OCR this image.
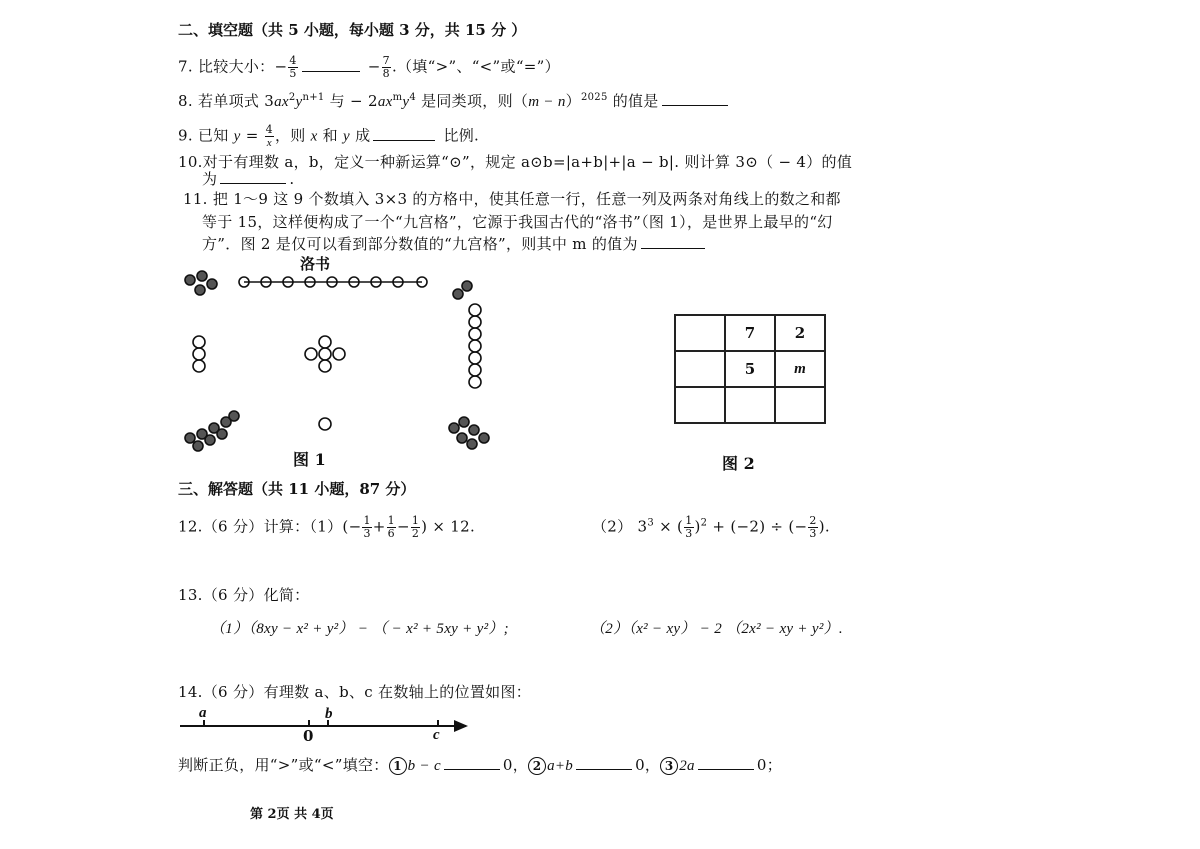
二、填空题（共 5 小题，每小题 3 分，共 15 分 ）
7. 比较大小：− $\frac{4}{5}$	− $\frac{7}{8}$ .（填“>”、“<”或“=”）
8. 若单项式 $3ax^2y^{n+1}$ 与 − $2ax^my^4$ 是同类项，则$(m - n)^{2025}$ 的值是
9. 已知 $y = \frac{4}{x}$ ，则 x 和 y 成	比例.
10.对于有理数 a，b，定义一种新运算“⊙”，规定 a⊙b=|a+b|+|a − b|. 则计算 3⊙（ − 4）的值
为	.
11. 把 1～9 这 9 个数填入 3×3 的方格中，使其任意一行，任意一列及两条对角线上的数之和都
等于 15，这样便构成了一个“九宫格”，它源于我国古代的“洛书”（图 1），是世界上最早的“幻
方”．图 2 是仅可以看到部分数值的“九宫格”，则其中 m 的值为
洛书
图 1
	7	2
	5	m

图 2
三、解答题（共 11 小题，87 分）
12.（6 分）计算：$(1)(- \frac{1}{3} + \frac{1}{6} - \frac{1}{2}$ ) × 12.	（2） $3^3$ × ( $\frac{1}{3} )^2 + (-2)$ ÷ (− $\frac{2}{3}$ ).
13.（6 分）化简：
（1）（8xy − x² + y²） − （ − x² + 5xy + y²）;	（2）（x² − xy） − 2 （2x² − xy + y²）.
14.（6 分）有理数 a、b、c 在数轴上的位置如图：
a	b
0	c
判断正负，用“>”或“<”填空： 1 b − c	0， 2 a+b	0， 3 2a	0；
第 2页 共 4页
